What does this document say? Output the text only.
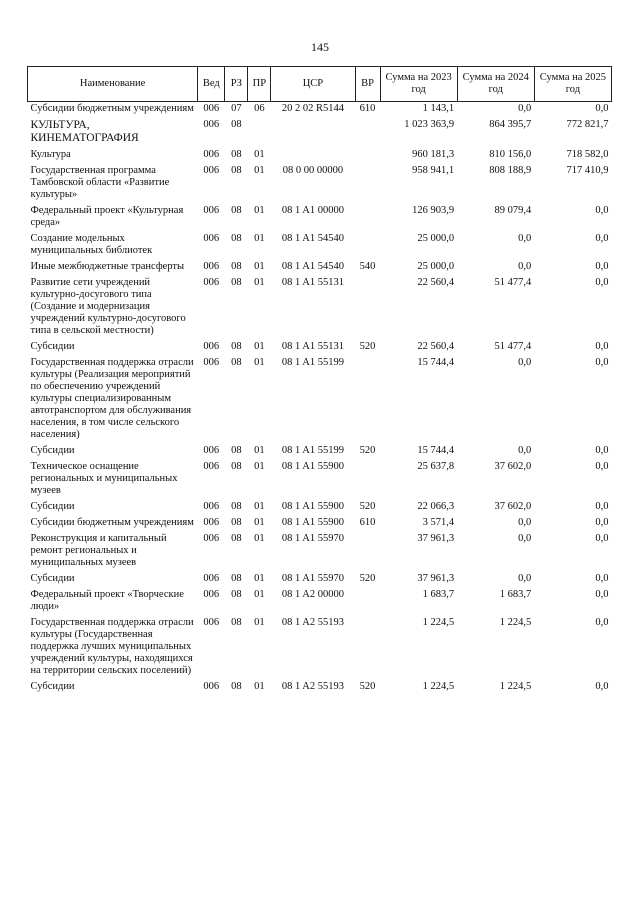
145
Наименование	Вед	РЗ	ПР	ЦСР	ВР	Сумма на 2023 год	Сумма на 2024 год	Сумма на 2025 год
Субсидии бюджетным учреждениям	006	07	06	20 2 02 R5144	610	1 143,1	0,0	0,0
КУЛЬТУРА, КИНЕМАТОГРАФИЯ	006	08				1 023 363,9	864 395,7	772 821,7
Культура	006	08	01			960 181,3	810 156,0	718 582,0
Государственная программа Тамбовской области «Развитие культуры»	006	08	01	08 0 00 00000		958 941,1	808 188,9	717 410,9
Федеральный проект «Культурная среда»	006	08	01	08 1 A1 00000		126 903,9	89 079,4	0,0
Создание модельных муниципальных библиотек	006	08	01	08 1 A1 54540		25 000,0	0,0	0,0
Иные межбюджетные трансферты	006	08	01	08 1 A1 54540	540	25 000,0	0,0	0,0
Развитие сети учреждений культурно-досугового типа (Создание и модернизация учреждений культурно-досугового типа в сельской местности)	006	08	01	08 1 A1 55131		22 560,4	51 477,4	0,0
Субсидии	006	08	01	08 1 A1 55131	520	22 560,4	51 477,4	0,0
Государственная поддержка отрасли культуры (Реализация мероприятий по обеспечению учреждений культуры специализированным автотранспортом для обслуживания населения, в том числе сельского населения)	006	08	01	08 1 A1 55199		15 744,4	0,0	0,0
Субсидии	006	08	01	08 1 A1 55199	520	15 744,4	0,0	0,0
Техническое оснащение региональных и муниципальных музеев	006	08	01	08 1 A1 55900		25 637,8	37 602,0	0,0
Субсидии	006	08	01	08 1 A1 55900	520	22 066,3	37 602,0	0,0
Субсидии бюджетным учреждениям	006	08	01	08 1 A1 55900	610	3 571,4	0,0	0,0
Реконструкция и капитальный ремонт региональных и муниципальных музеев	006	08	01	08 1 A1 55970		37 961,3	0,0	0,0
Субсидии	006	08	01	08 1 A1 55970	520	37 961,3	0,0	0,0
Федеральный проект «Творческие люди»	006	08	01	08 1 A2 00000		1 683,7	1 683,7	0,0
Государственная поддержка отрасли культуры (Государственная поддержка лучших муниципальных учреждений культуры, находящихся на территории сельских поселений)	006	08	01	08 1 A2 55193		1 224,5	1 224,5	0,0
Субсидии	006	08	01	08 1 A2 55193	520	1 224,5	1 224,5	0,0
